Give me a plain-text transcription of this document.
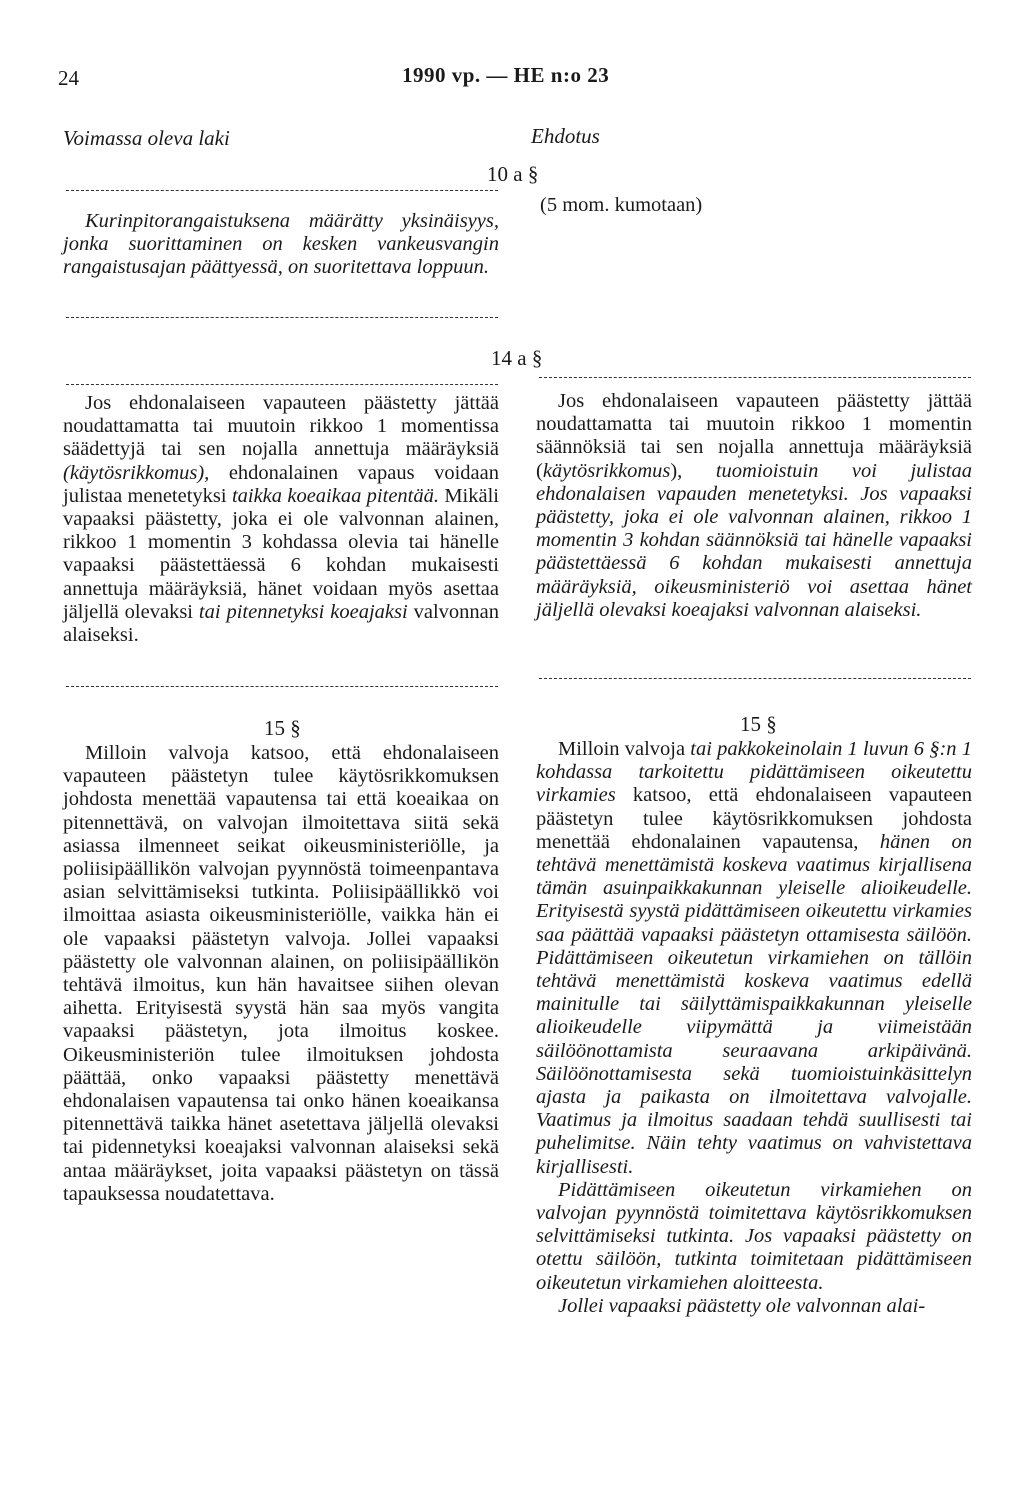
24	1990 vp. — HE n:o 23
Voimassa oleva laki	Ehdotus
10 a §
(5 mom. kumotaan)

Kurinpitorangaistuksena määrätty yksinäisyys, jonka suorittaminen on kesken vankeusvangin rangaistusajan päättyessä, on suoritettava loppuun.

14 a §

Jos ehdonalaiseen vapauteen päästetty jättää noudattamatta tai muutoin rikkoo 1 momentissa säädettyjä tai sen nojalla annettuja määräyksiä (käytösrikkomus), ehdonalainen vapaus voidaan julistaa menetetyksi taikka koeaikaa pitentää. Mikäli vapaaksi päästetty, joka ei ole valvonnan alainen, rikkoo 1 momentin 3 kohdassa olevia tai hänelle vapaaksi päästettäessä 6 kohdan mukaisesti annettuja määräyksiä, hänet voidaan myös asettaa jäljellä olevaksi tai pitennetyksi koeajaksi valvonnan alaiseksi.

Jos ehdonalaiseen vapauteen päästetty jättää noudattamatta tai muutoin rikkoo 1 momentin säännöksiä tai sen nojalla annettuja määräyksiä (käytösrikkomus), tuomioistuin voi julistaa ehdonalaisen vapauden menetetyksi. Jos vapaaksi päästetty, joka ei ole valvonnan alainen, rikkoo 1 momentin 3 kohdan säännöksiä tai hänelle vapaaksi päästettäessä 6 kohdan mukaisesti annettuja määräyksiä, oikeusministeriö voi asettaa hänet jäljellä olevaksi koeajaksi valvonnan alaiseksi.

15 §	15 §

Milloin valvoja katsoo, että ehdonalaiseen vapauteen päästetyn tulee käytösrikkomuksen johdosta menettää vapautensa tai että koeaikaa on pitennettävä, on valvojan ilmoitettava siitä sekä asiassa ilmenneet seikat oikeusministeriölle, ja poliisipäällikön valvojan pyynnöstä toimeenpantava asian selvittämiseksi tutkinta. Poliisipäällikkö voi ilmoittaa asiasta oikeusministeriölle, vaikka hän ei ole vapaaksi päästetyn valvoja. Jollei vapaaksi päästetty ole valvonnan alainen, on poliisipäällikön tehtävä ilmoitus, kun hän havaitsee siihen olevan aihetta. Erityisestä syystä hän saa myös vangita vapaaksi päästetyn, jota ilmoitus koskee. Oikeusministeriön tulee ilmoituksen johdosta päättää, onko vapaaksi päästetty menettävä ehdonalaisen vapautensa tai onko hänen koeaikansa pitennettävä taikka hänet asetettava jäljellä olevaksi tai pidennetyksi koeajaksi valvonnan alaiseksi sekä antaa määräykset, joita vapaaksi päästetyn on tässä tapauksessa noudatettava.

Milloin valvoja tai pakkokeinolain 1 luvun 6 §:n 1 kohdassa tarkoitettu pidättämiseen oikeutettu virkamies katsoo, että ehdonalaiseen vapauteen päästetyn tulee käytösrikkomuksen johdosta menettää ehdonalainen vapautensa, hänen on tehtävä menettämistä koskeva vaatimus kirjallisena tämän asuinpaikkakunnan yleiselle alioikeudelle. Erityisestä syystä pidättämiseen oikeutettu virkamies saa päättää vapaaksi päästetyn ottamisesta säilöön. Pidättämiseen oikeutetun virkamiehen on tällöin tehtävä menettämistä koskeva vaatimus edellä mainitulle tai säilyttämispaikkakunnan yleiselle alioikeudelle viipymättä ja viimeistään säilöönottamista seuraavana arkipäivänä. Säilöönottamisesta sekä tuomioistuinkäsittelyn ajasta ja paikasta on ilmoitettava valvojalle. Vaatimus ja ilmoitus saadaan tehdä suullisesti tai puhelimitse. Näin tehty vaatimus on vahvistettava kirjallisesti.

Pidättämiseen oikeutetun virkamiehen on valvojan pyynnöstä toimitettava käytösrikkomuksen selvittämiseksi tutkinta. Jos vapaaksi päästetty on otettu säilöön, tutkinta toimitetaan pidättämiseen oikeutetun virkamiehen aloitteesta.

Jollei vapaaksi päästetty ole valvonnan alai-
